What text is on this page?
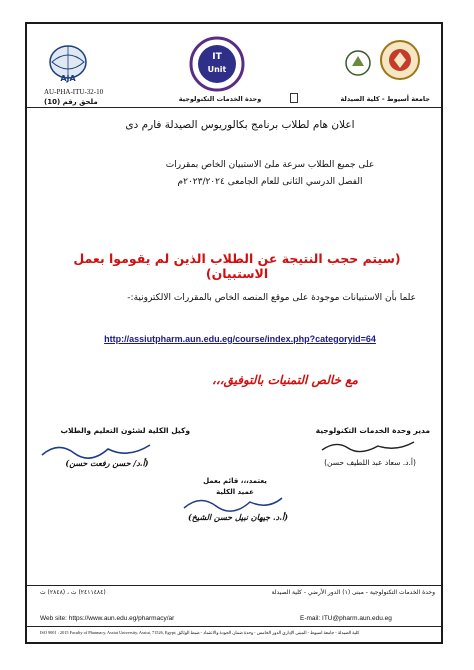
AJA
IT
Unit
AU-PHA-ITU-32-10
ملحق رقم (10)	وحدة الخدمات التكنولوجية	جامعة أسيوط - كلية الصيدلة
اعلان هام لطلاب برنامج بكالوريوس الصيدلة فارم دى
على جميع الطلاب سرعة ملئ الاستبيان الخاص بمقررات
الفصل الدرسي الثانى للعام الجامعى ٢٠٢٣/٢٠٢٤م
(سيتم حجب النتيجة عن الطلاب الذين لم يقوموا بعمل الاستبيان)
علما بأن الاستبيانات موجودة على موقع المنصه الخاص بالمقررات الالكترونية:-
http://assiutpharm.aun.edu.eg/course/index.php?categoryid=64
مع خالص التمنيات بالتوفيق،،،
وكيل الكلية لشئون التعليم والطلاب
(أ.د/ حسن رفعت حسن)
مدير وحدة الخدمات التكنولوجية
(أ.د. سعاد عبد اللطيف حسن)
يعتمد،،، قائم بعمل
عميد الكلية
(أ.د. جيهان نبيل حسن الشيخ)
وحدة الخدمات التكنولوجية - مبنى (١) الدور الأرضي - كلية الصيدلة
(٢٤١١٤٨٤) ت ، (٢٨٤٨) ت
Web site: https://www.aun.edu.eg/pharmacy/ar	E-mail: ITU@pharm.aun.edu.eg
ISO 9001 : 2015 Faculty of Pharmacy, Assiut University, Assiut, 71526, Egypt; كلية الصيدلة - جامعة أسيوط - المبنى الإداري الدور الخامس - وحدة ضمان الجودة والاعتماد - ضبط الوثائق
